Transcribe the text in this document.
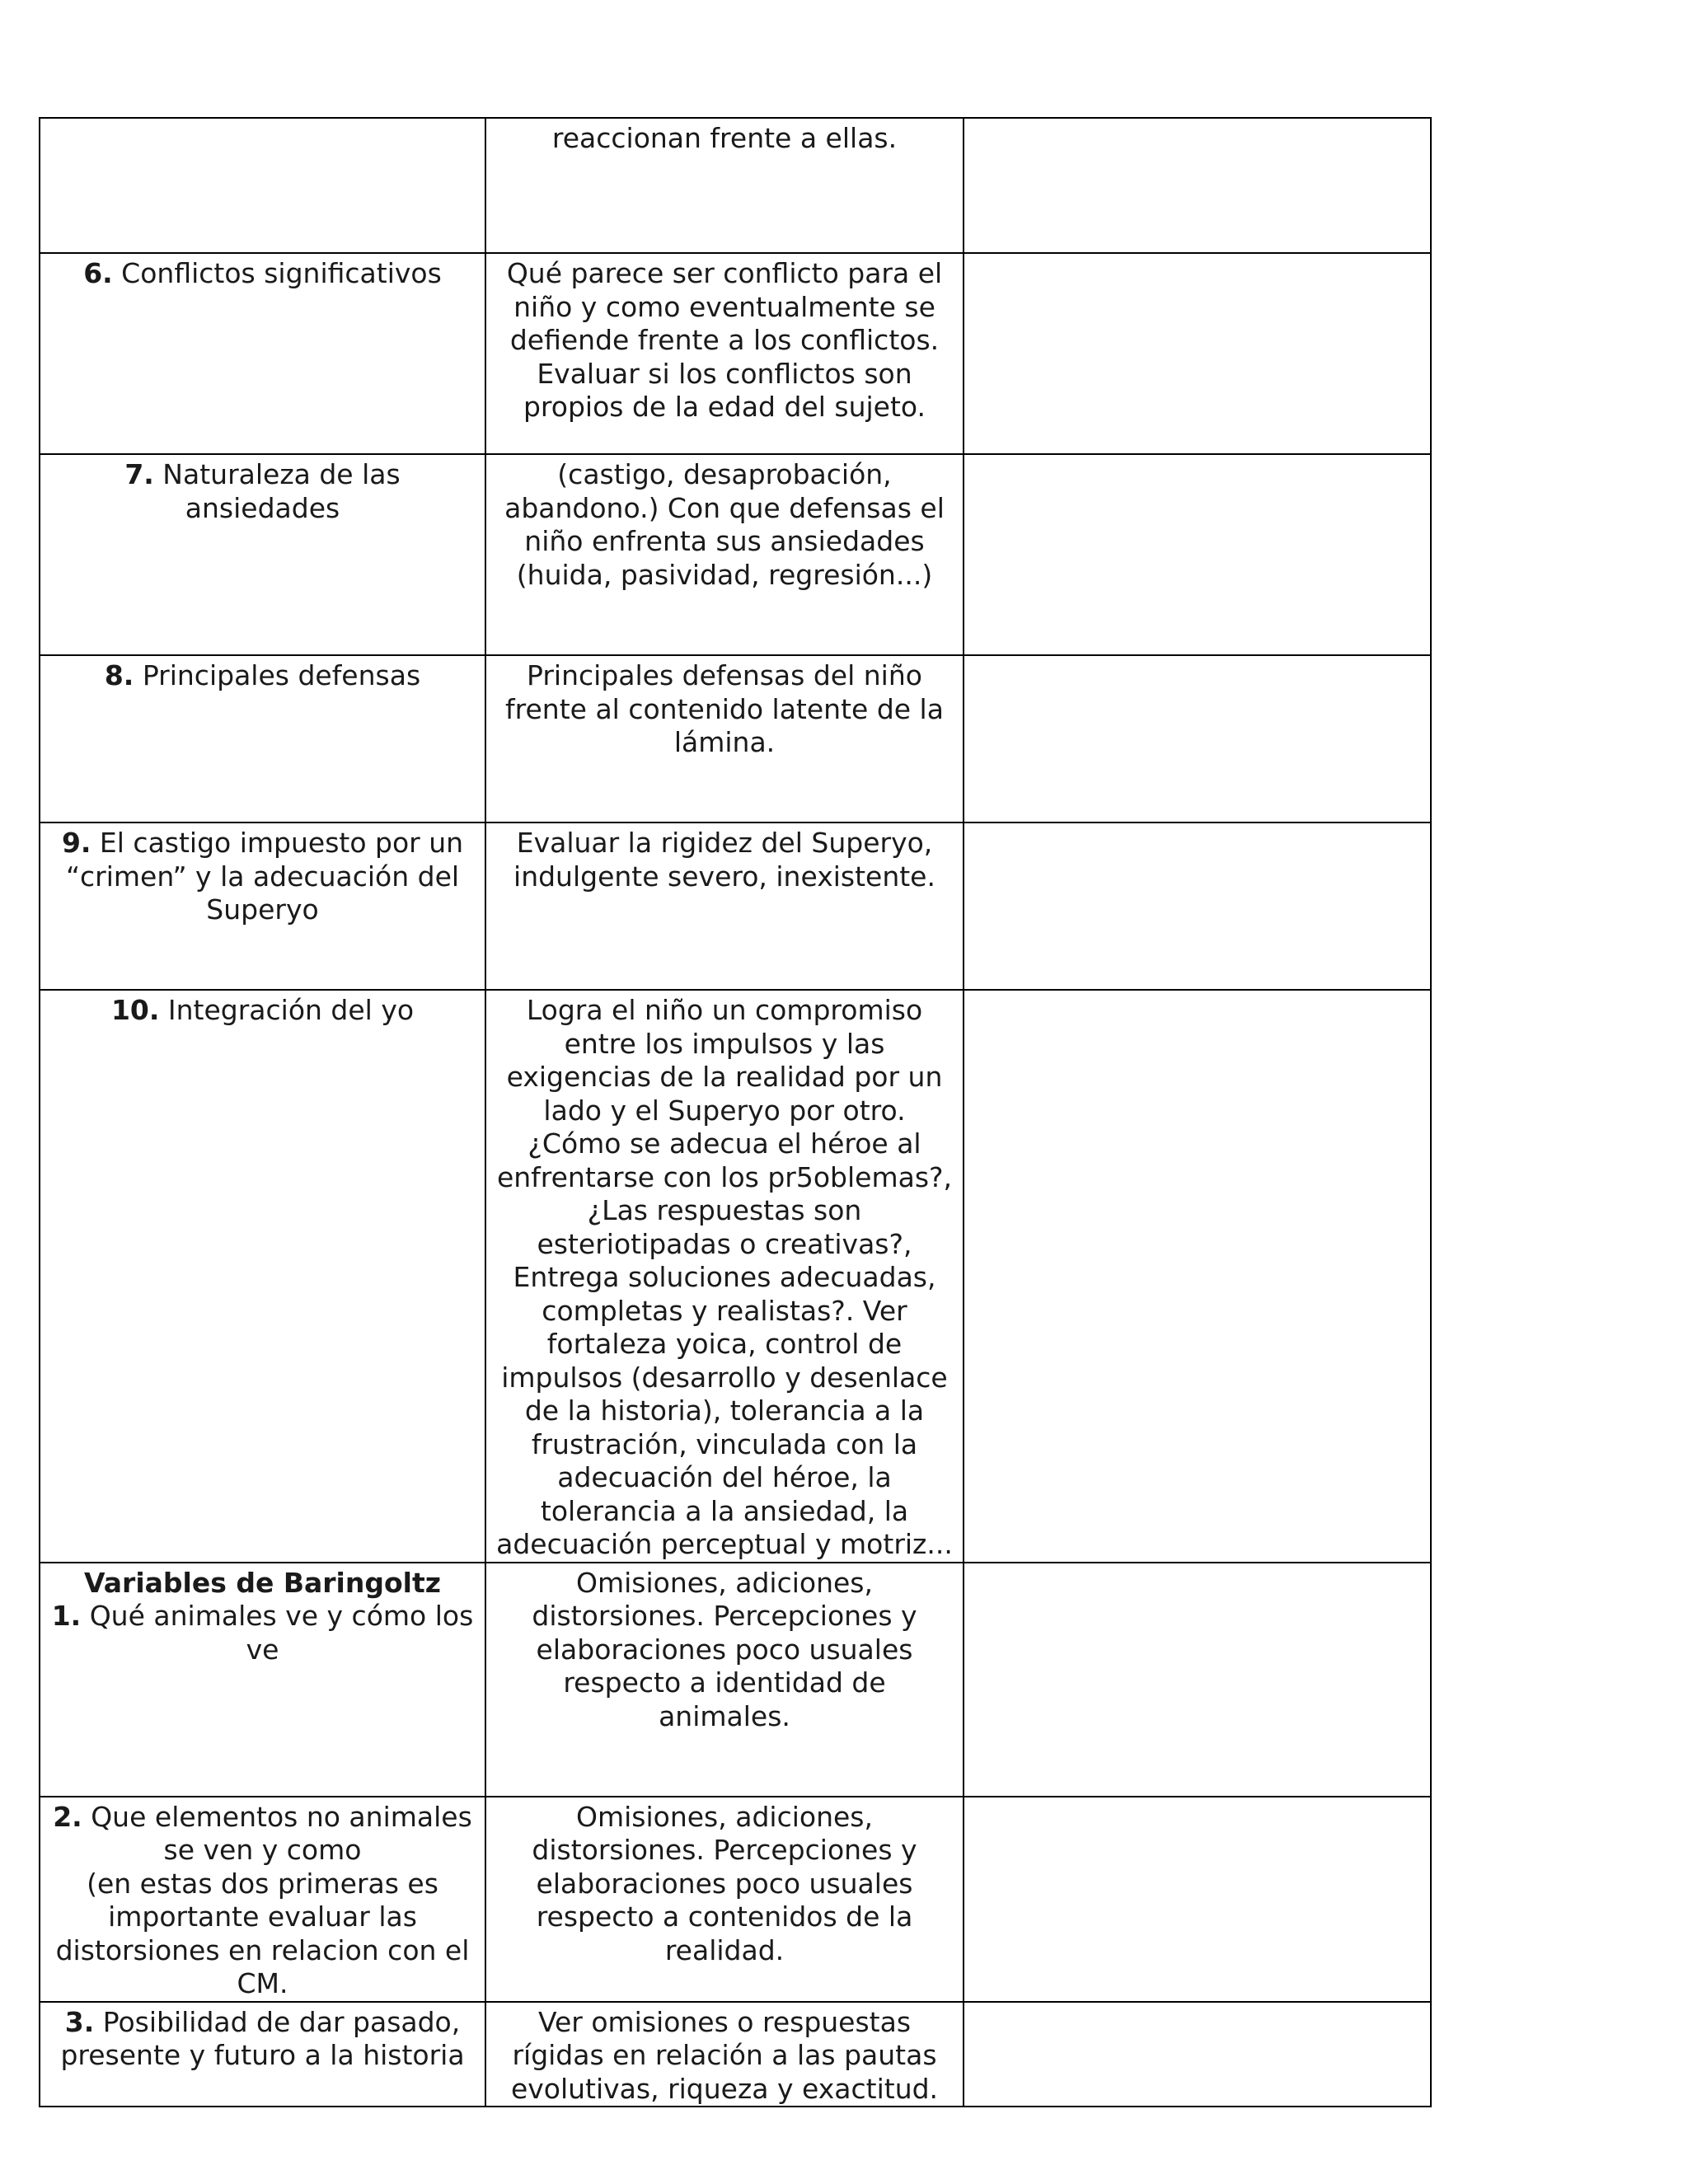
	reaccionan frente a ellas.	
6. Conflictos significativos	Qué parece ser conflicto para el niño y como eventualmente se defiende frente a los conflictos. Evaluar si los conflictos son propios de la edad del sujeto.	
7. Naturaleza de las ansiedades	(castigo, desaprobación, abandono.) Con que defensas el niño enfrenta sus ansiedades (huida, pasividad, regresión...)	
8. Principales defensas	Principales defensas del niño frente al contenido latente de la lámina.	
9. El castigo impuesto por un “crimen” y la adecuación del Superyo	Evaluar la rigidez del Superyo, indulgente severo, inexistente.	
10. Integración del yo	Logra el niño un compromiso entre los impulsos y las exigencias de la realidad por un lado y el Superyo por otro. ¿Cómo se adecua el héroe al enfrentarse con los pr5oblemas?, ¿Las respuestas son esteriotipadas o creativas?, Entrega soluciones adecuadas, completas y realistas?. Ver fortaleza yoica, control de impulsos (desarrollo y desenlace de la historia), tolerancia a la frustración, vinculada con la adecuación del héroe, la tolerancia a la ansiedad, la adecuación perceptual y motriz...	

Variables de Baringoltz
1. Qué animales ve y cómo los ve	Omisiones, adiciones, distorsiones. Percepciones y elaboraciones poco usuales respecto a identidad de animales.	
2. Que elementos no animales se ven y como
(en estas dos primeras es importante evaluar las distorsiones en relacion con el CM.	Omisiones, adiciones, distorsiones. Percepciones y elaboraciones poco usuales respecto a contenidos de la realidad.	
3. Posibilidad de dar pasado, presente y futuro a la historia	Ver omisiones o respuestas rígidas en relación a las pautas evolutivas, riqueza y exactitud.	
